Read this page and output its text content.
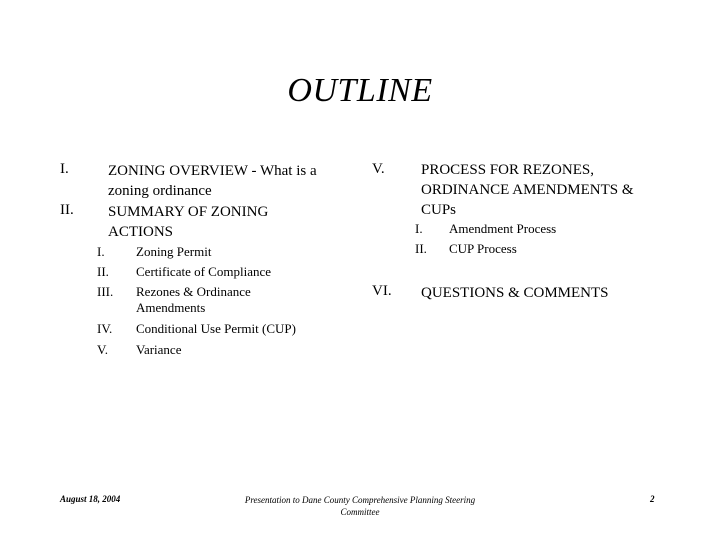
OUTLINE
I.	ZONING OVERVIEW - What is a zoning ordinance
II. SUMMARY OF ZONING ACTIONS
I. Zoning Permit
II. Certificate of Compliance
III. Rezones & Ordinance Amendments
IV. Conditional Use Permit (CUP)
V. Variance
V. PROCESS FOR REZONES, ORDINANCE AMENDMENTS & CUPs
I. Amendment Process
II. CUP Process
VI. QUESTIONS & COMMENTS
August 18, 2004	Presentation to Dane County Comprehensive Planning Steering Committee
2
